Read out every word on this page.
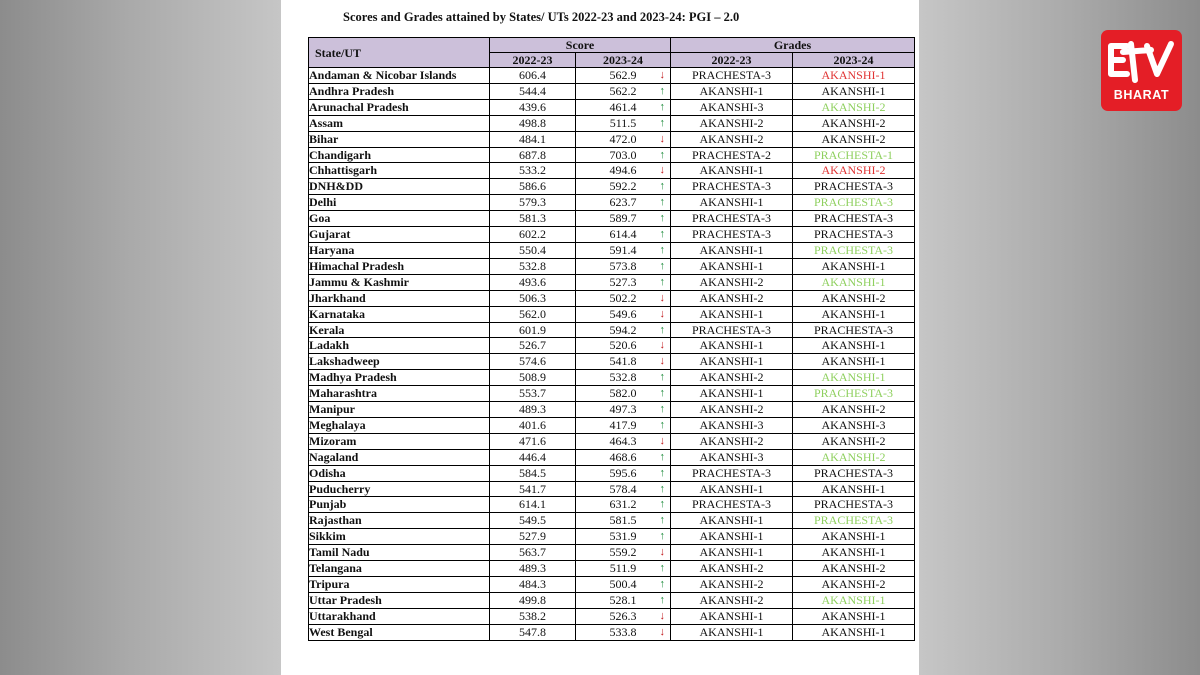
Scores and Grades attained by States/ UTs 2022-23 and 2023-24: PGI – 2.0
State/UT	Score		Grades	
	2022-23	2023-24	2022-23	2023-24
Andaman & Nicobar Islands	606.4	562.9 ↓	PRACHESTA-3	AKANSHI-1
Andhra Pradesh	544.4	562.2 ↑	AKANSHI-1	AKANSHI-1
Arunachal Pradesh	439.6	461.4 ↑	AKANSHI-3	AKANSHI-2
Assam	498.8	511.5 ↑	AKANSHI-2	AKANSHI-2
Bihar	484.1	472.0 ↓	AKANSHI-2	AKANSHI-2
Chandigarh	687.8	703.0 ↑	PRACHESTA-2	PRACHESTA-1
Chhattisgarh	533.2	494.6 ↓	AKANSHI-1	AKANSHI-2
DNH&DD	586.6	592.2 ↑	PRACHESTA-3	PRACHESTA-3
Delhi	579.3	623.7 ↑	AKANSHI-1	PRACHESTA-3
Goa	581.3	589.7 ↑	PRACHESTA-3	PRACHESTA-3
Gujarat	602.2	614.4 ↑	PRACHESTA-3	PRACHESTA-3
Haryana	550.4	591.4 ↑	AKANSHI-1	PRACHESTA-3
Himachal Pradesh	532.8	573.8 ↑	AKANSHI-1	AKANSHI-1
Jammu & Kashmir	493.6	527.3 ↑	AKANSHI-2	AKANSHI-1
Jharkhand	506.3	502.2 ↓	AKANSHI-2	AKANSHI-2
Karnataka	562.0	549.6 ↓	AKANSHI-1	AKANSHI-1
Kerala	601.9	594.2 ↑	PRACHESTA-3	PRACHESTA-3
Ladakh	526.7	520.6 ↓	AKANSHI-1	AKANSHI-1
Lakshadweep	574.6	541.8 ↓	AKANSHI-1	AKANSHI-1
Madhya Pradesh	508.9	532.8 ↑	AKANSHI-2	AKANSHI-1
Maharashtra	553.7	582.0 ↑	AKANSHI-1	PRACHESTA-3
Manipur	489.3	497.3 ↑	AKANSHI-2	AKANSHI-2
Meghalaya	401.6	417.9 ↑	AKANSHI-3	AKANSHI-3
Mizoram	471.6	464.3 ↓	AKANSHI-2	AKANSHI-2
Nagaland	446.4	468.6 ↑	AKANSHI-3	AKANSHI-2
Odisha	584.5	595.6 ↑	PRACHESTA-3	PRACHESTA-3
Puducherry	541.7	578.4 ↑	AKANSHI-1	AKANSHI-1
Punjab	614.1	631.2 ↑	PRACHESTA-3	PRACHESTA-3
Rajasthan	549.5	581.5 ↑	AKANSHI-1	PRACHESTA-3
Sikkim	527.9	531.9 ↑	AKANSHI-1	AKANSHI-1
Tamil Nadu	563.7	559.2 ↓	AKANSHI-1	AKANSHI-1
Telangana	489.3	511.9 ↑	AKANSHI-2	AKANSHI-2
Tripura	484.3	500.4 ↑	AKANSHI-2	AKANSHI-2
Uttar Pradesh	499.8	528.1 ↑	AKANSHI-2	AKANSHI-1
Uttarakhand	538.2	526.3 ↓	AKANSHI-1	AKANSHI-1
West Bengal	547.8	533.8 ↓	AKANSHI-1	AKANSHI-1
BHARAT
